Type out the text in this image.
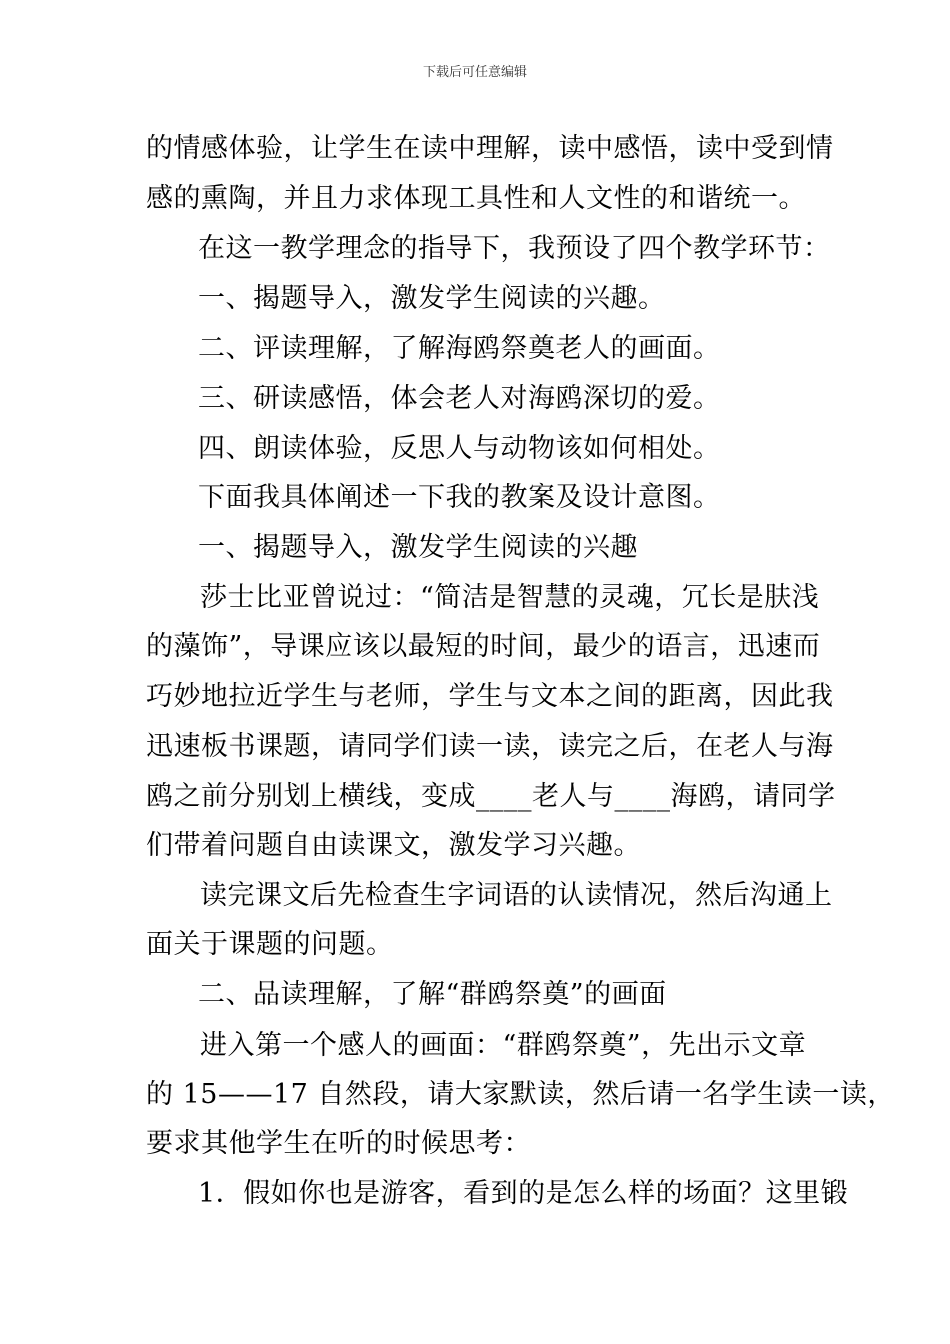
下载后可任意编辑
的情感体验，让学生在读中理解，读中感悟，读中受到情
感的熏陶，并且力求体现工具性和人文性的和谐统一。
在这一教学理念的指导下，我预设了四个教学环节：
一、揭题导入，激发学生阅读的兴趣。
二、评读理解，了解海鸥祭奠老人的画面。
三、研读感悟，体会老人对海鸥深切的爱。
四、朗读体验，反思人与动物该如何相处。
下面我具体阐述一下我的教案及设计意图。
一、揭题导入，激发学生阅读的兴趣
莎士比亚曾说过：“简洁是智慧的灵魂，冗长是肤浅
的藻饰”，导课应该以最短的时间，最少的语言，迅速而
巧妙地拉近学生与老师，学生与文本之间的距离，因此我
迅速板书课题，请同学们读一读，读完之后，在老人与海
鸥之前分别划上横线，变成____老人与____海鸥，请同学
们带着问题自由读课文，激发学习兴趣。
读完课文后先检查生字词语的认读情况，然后沟通上
面关于课题的问题。
二、品读理解，了解“群鸥祭奠”的画面
进入第一个感人的画面：“群鸥祭奠”，先出示文章
的 15——17 自然段，请大家默读，然后请一名学生读一读，
要求其他学生在听的时候思考：
1．假如你也是游客，看到的是怎么样的场面？这里锻
